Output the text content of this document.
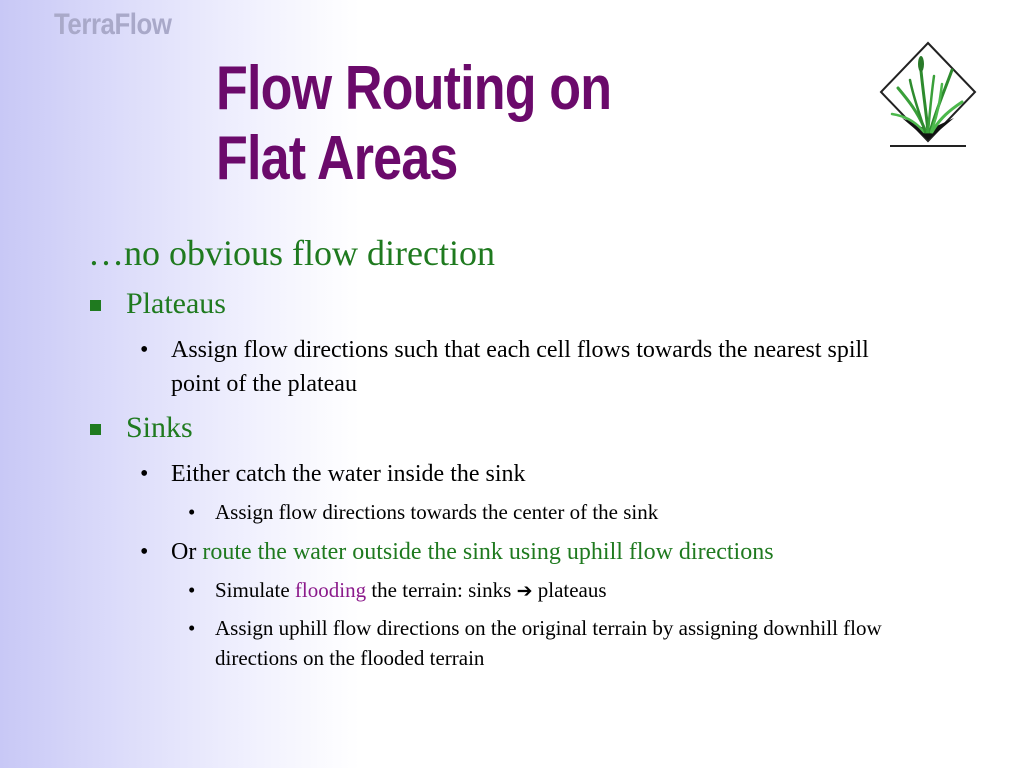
TerraFlow
Flow Routing on
Flat Areas
…no obvious flow direction
Plateaus
• Assign flow directions such that each cell flows towards the nearest spill point of the plateau
Sinks
• Either catch the water inside the sink
• Assign flow directions towards the center of the sink
• Or route the water outside the sink using uphill flow directions
• Simulate flooding the terrain: sinks ➔ plateaus
• Assign uphill flow directions on the original terrain by assigning downhill flow directions on the flooded terrain
